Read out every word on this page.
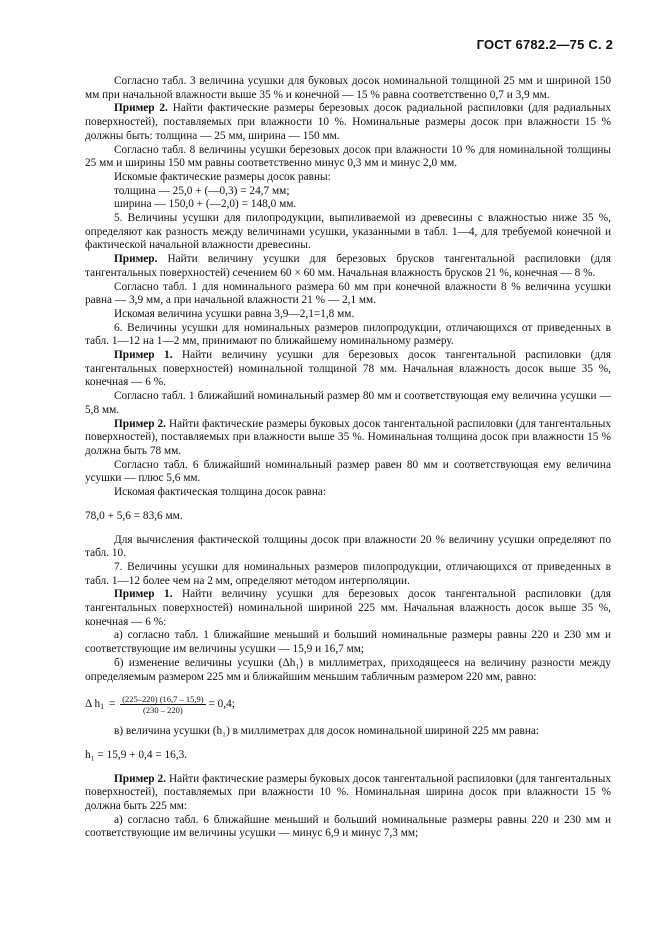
ГОСТ 6782.2—75 С. 2

Согласно табл. 3 величина усушки для буковых досок номинальной толщиной 25 мм и шириной 150 мм при начальной влажности выше 35 % и конечной — 15 % равна соответственно 0,7 и 3,9 мм.

Пример 2. Найти фактические размеры березовых досок радиальной распиловки (для радиальных поверхностей), поставляемых при влажности 10 %. Номинальные размеры досок при влажности 15 % должны быть: толщина — 25 мм, ширина — 150 мм.

Согласно табл. 8 величины усушки березовых досок при влажности 10 % для номинальной толщины 25 мм и ширины 150 мм равны соответственно минус 0,3 мм и минус 2,0 мм.

Искомые фактические размеры досок равны:

толщина — 25,0 + (—0,3) = 24,7 мм;

ширина — 150,0 + (—2,0) = 148,0 мм.

5. Величины усушки для пилопродукции, выпиливаемой из древесины с влажностью ниже 35 %, определяют как разность между величинами усушки, указанными в табл. 1—4, для требуемой конечной и фактической начальной влажности древесины.

Пример. Найти величину усушки для березовых брусков тангентальной распиловки (для тангентальных поверхностей) сечением 60 × 60 мм. Начальная влажность брусков 21 %, конечная — 8 %.

Согласно табл. 1 для номинального размера 60 мм при конечной влажности 8 % величина усушки равна — 3,9 мм, а при начальной влажности 21 % — 2,1 мм.

Искомая величина усушки равна 3,9—2,1=1,8 мм.

6. Величины усушки для номинальных размеров пилопродукции, отличающихся от приведенных в табл. 1—12 на 1—2 мм, принимают по ближайшему номинальному размеру.

Пример 1. Найти величину усушки для березовых досок тангентальной распиловки (для тангентальных поверхностей) номинальной толщиной 78 мм. Начальная влажность досок выше 35 %, конечная — 6 %.

Согласно табл. 1 ближайший номинальный размер 80 мм и соответствующая ему величина усушки — 5,8 мм.

Пример 2. Найти фактические размеры буковых досок тангентальной распиловки (для тангентальных поверхностей), поставляемых при влажности выше 35 %. Номинальная толщина досок при влажности 15 % должна быть 78 мм.

Согласно табл. 6 ближайший номинальный размер равен 80 мм и соответствующая ему величина усушки — плюс 5,6 мм.

Искомая фактическая толщина досок равна:

78,0 + 5,6 = 83,6 мм.

Для вычисления фактической толщины досок при влажности 20 % величину усушки определяют по табл. 10.

7. Величины усушки для номинальных размеров пилопродукции, отличающихся от приведенных в табл. 1—12 более чем на 2 мм, определяют методом интерполяции.

Пример 1. Найти величину усушки для березовых досок тангентальной распиловки (для тангентальных поверхностей) номинальной шириной 225 мм. Начальная влажность досок выше 35 %, конечная — 6 %:

а) согласно табл. 1 ближайшие меньший и больший номинальные размеры равны 220 и 230 мм и соответствующие им величины усушки — 15,9 и 16,7 мм;

б) изменение величины усушки (Δh₁) в миллиметрах, приходящееся на величину разности между определяемым размером 225 мм и ближайшим меньшим табличным размером 220 мм, равно:

Δ $h_1 = \frac{(225-220) (16,7 - 15,9)}{(230 - 220)} = 0,4$;

в) величина усушки (h₁) в миллиметрах для досок номинальной шириной 225 мм равна:

h₁ = 15,9 + 0,4 = 16,3.

Пример 2. Найти фактические размеры буковых досок тангентальной распиловки (для тангентальных поверхностей), поставляемых при влажности 10 %. Номинальная ширина досок при влажности 15 % должна быть 225 мм:

а) согласно табл. 6 ближайшие меньший и больший номинальные размеры равны 220 и 230 мм и соответствующие им величины усушки — минус 6,9 и минус 7,3 мм;
